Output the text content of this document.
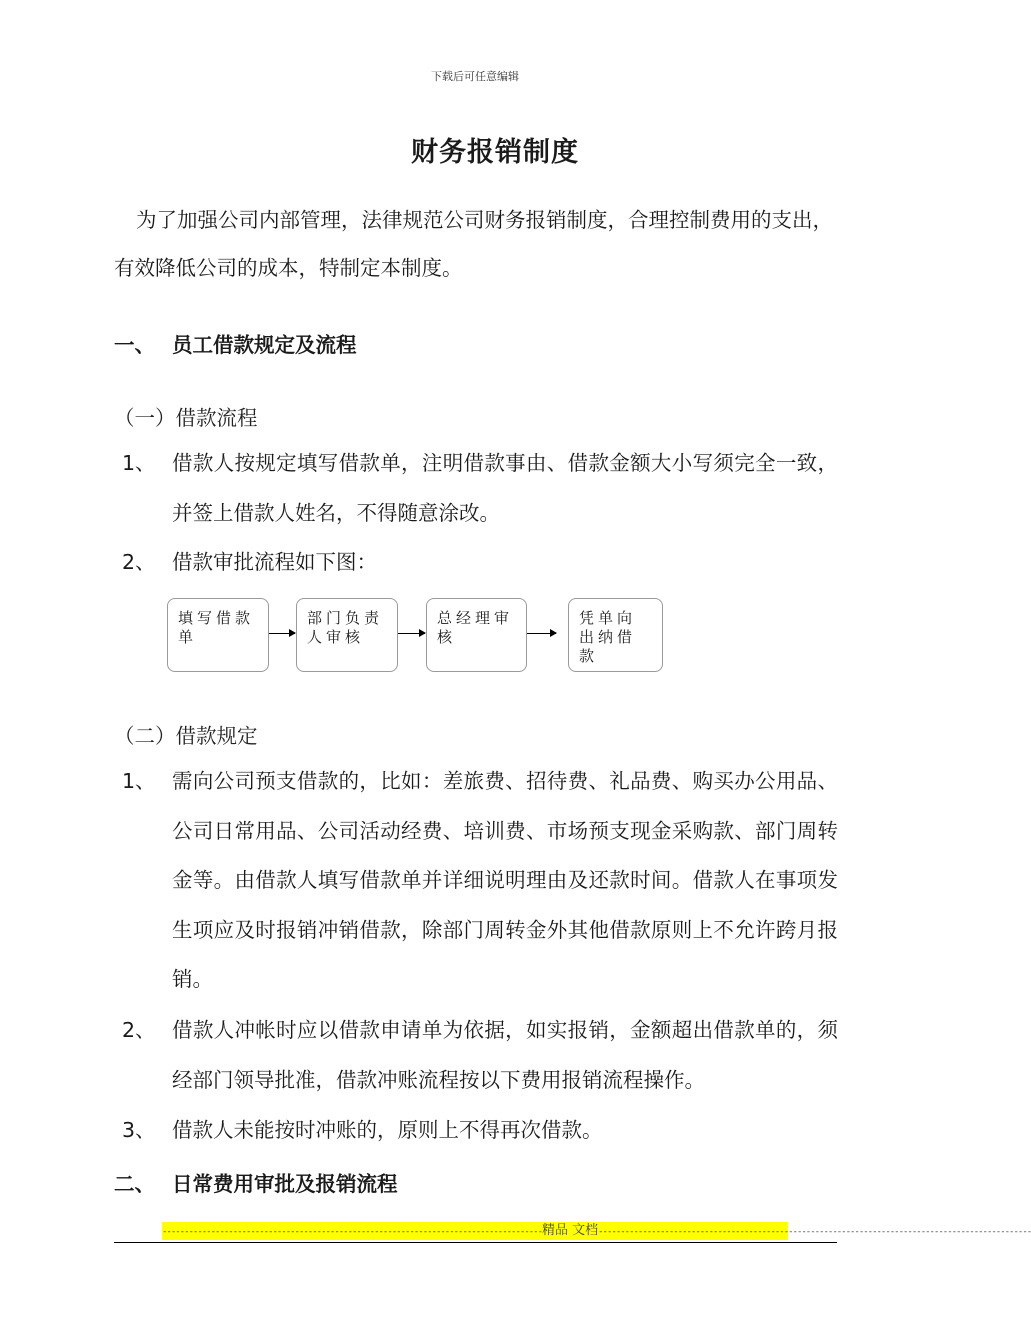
下载后可任意编辑
财务报销制度
为了加强公司内部管理，法律规范公司财务报销制度，合理控制费用的支出，有效降低公司的成本，特制定本制度。
一、 员工借款规定及流程
（一）借款流程
1、 借款人按规定填写借款单，注明借款事由、借款金额大小写须完全一致，并签上借款人姓名，不得随意涂改。
2、 借款审批流程如下图：
填写借款单
部门负责人审核
总经理审核
凭单向出纳借款
（二）借款规定
1、 需向公司预支借款的，比如：差旅费、招待费、礼品费、购买办公用品、公司日常用品、公司活动经费、培训费、市场预支现金采购款、部门周转金等。由借款人填写借款单并详细说明理由及还款时间。借款人在事项发生项应及时报销冲销借款，除部门周转金外其他借款原则上不允许跨月报销。
2、 借款人冲帐时应以借款申请单为依据，如实报销，金额超出借款单的，须经部门领导批准，借款冲账流程按以下费用报销流程操作。
3、 借款人未能按时冲账的，原则上不得再次借款。
二、 日常费用审批及报销流程
--------------------------------------------------------------------------------------精品 文档--------------------------------------------------------------------------------------------------
